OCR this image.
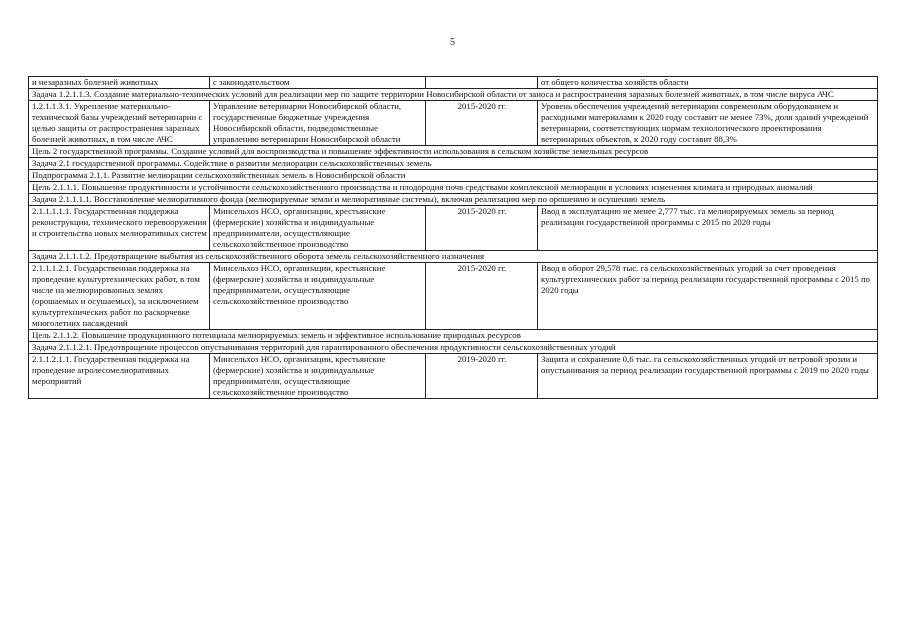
5
и незаразных болезней животных	с законодательством		от общего количества хозяйств области
Задача 1.2.1.1.3. Создание материально-технических условий для реализации мер по защите территории Новосибирской области от заноса и распространения заразных болезней животных, в том числе вируса АЧС			
1.2.1.1.3.1. Укрепление материально-технической базы учреждений ветеринарии с целью защиты от распространения заразных болезней животных, в том числе АЧС	Управление ветеринарии Новосибирской области, государственные бюджетные учреждения Новосибирской области, подведомственные управлению ветеринарии Новосибирской области	2015-2020 гг.	Уровень обеспечения учреждений ветеринарии современным оборудованием и расходными материалами к 2020 году составит не менее 73%, доля зданий учреждений ветеринарии, соответствующих нормам технологического проектирования ветеринарных объектов, к 2020 году составит 88,3%
Цель 2 государственной программы. Создание условий для воспроизводства и повышение эффективности использования в сельском хозяйстве земельных ресурсов			
Задача 2.1 государственной программы. Содействие в развитии мелиорации сельскохозяйственных земель			
Подпрограмма 2.1.1. Развитие мелиорации сельскохозяйственных земель в Новосибирской области			
Цель 2.1.1.1. Повышение продуктивности и устойчивости сельскохозяйственного производства и плодородия почв средствами комплексной мелиорации в условиях изменения климата и природных аномалий			
Задача 2.1.1.1.1. Восстановление мелиоративного фонда (мелиорируемые земли и мелиоративные системы), включая реализацию мер по орошению и осушению земель			
2.1.1.1.1.1. Государственная поддержка реконструкции, технического перевооружения и строительства новых мелиоративных систем	Минсельхоз НСО, организации, крестьянские (фермерские) хозяйства и индивидуальные предприниматели, осуществляющие сельскохозяйственное производство	2015-2020 гг.	Ввод в эксплуатацию не менее 2,777 тыс. га мелиорируемых земель за период реализации государственной программы с 2015 по 2020 годы
Задача 2.1.1.1.2. Предотвращение выбытия из сельскохозяйственного оборота земель сельскохозяйственного назначения			
2.1.1.1.2.1. Государственная поддержка на проведение культуртехнических работ, в том числе на мелиорированных землях (орошаемых и осушаемых), за исключением культуртехнических работ по раскорчевке многолетних насаждений	Минсельхоз НСО, организации, крестьянские (фермерские) хозяйства и индивидуальные предприниматели, осуществляющие сельскохозяйственное производство	2015-2020 гг.	Ввод в оборот 29,578 тыс. га сельскохозяйственных угодий за счет проведения культуртехнических работ за период реализации государственной программы с 2015 по 2020 годы
Цель 2.1.1.2. Повышение продукционного потенциала мелиорируемых земель и эффективное использование природных ресурсов			
Задача 2.1.1.2.1. Предотвращение процессов опустынивания территорий для гарантированного обеспечения продуктивности сельскохозяйственных угодий			
2.1.1.2.1.1. Государственная поддержка на проведение агролесомелиоративных мероприятий	Минсельхоз НСО, организации, крестьянские (фермерские) хозяйства и индивидуальные предприниматели, осуществляющие сельскохозяйственное производство	2019-2020 гг.	Защита и сохранение 0,6 тыс. га сельскохозяйственных угодий от ветровой эрозии и опустынивания за период реализации государственной программы с 2019 по 2020 годы
